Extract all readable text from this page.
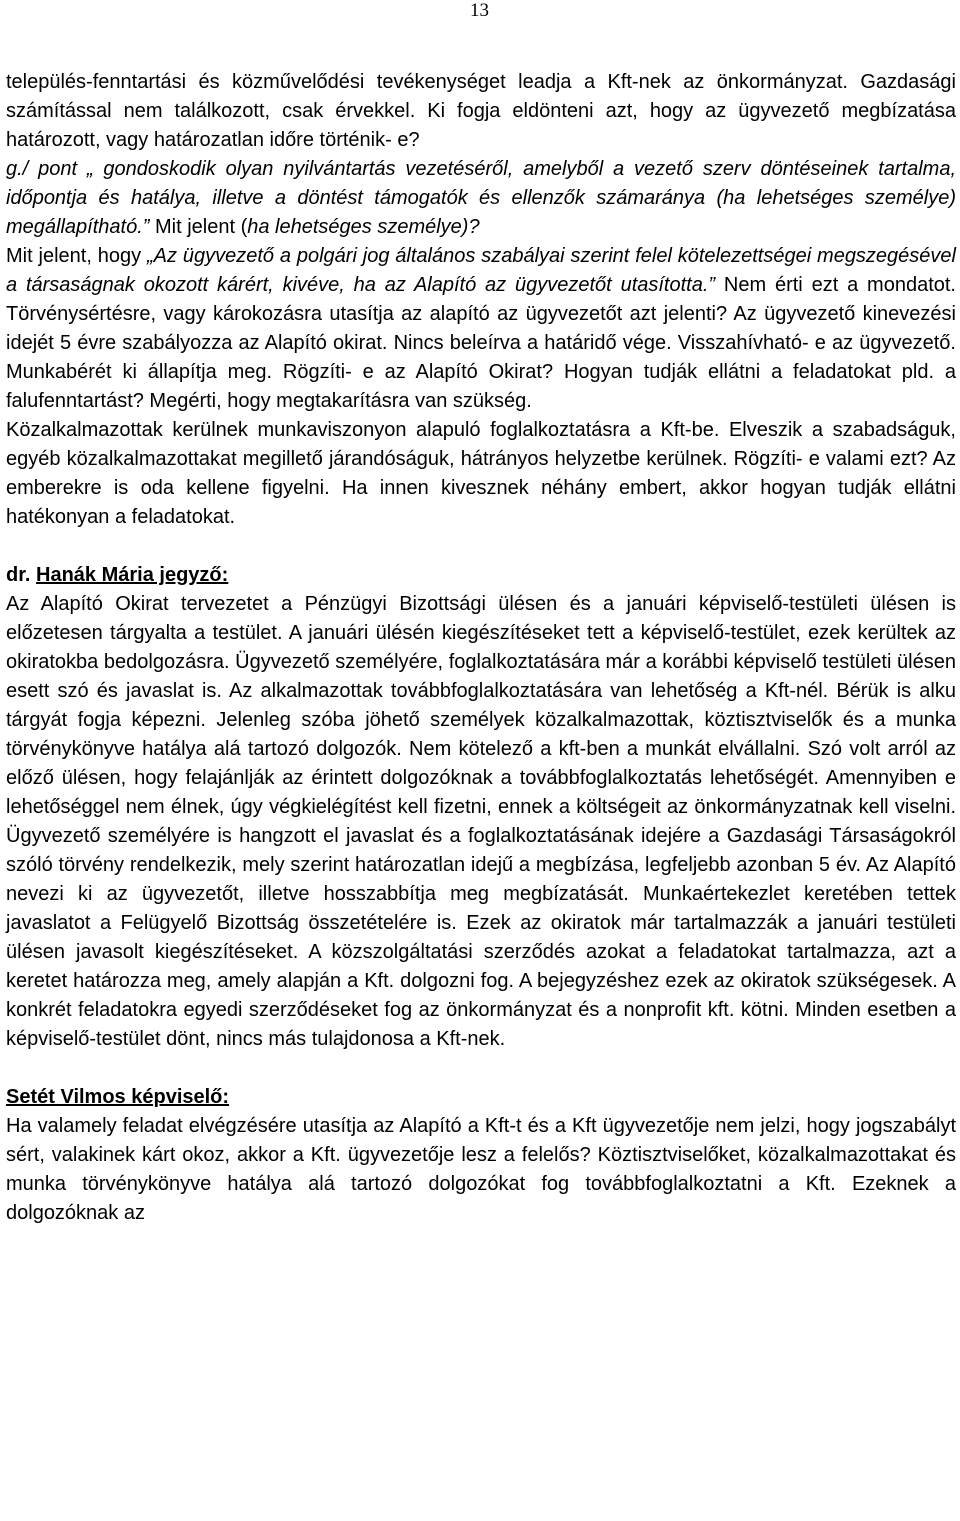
13

település-fenntartási és közművelődési tevékenységet leadja a Kft-nek az önkormányzat. Gazdasági számítással nem találkozott, csak érvekkel. Ki fogja eldönteni azt, hogy az ügyvezető megbízatása határozott, vagy határozatlan időre történik- e?

g./ pont „ gondoskodik olyan nyilvántartás vezetéséről, amelyből a vezető szerv döntéseinek tartalma, időpontja és hatálya, illetve a döntést támogatók és ellenzők számaránya (ha lehetséges személye) megállapítható.” Mit jelent (ha lehetséges személye)?

Mit jelent, hogy „Az ügyvezető a polgári jog általános szabályai szerint felel kötelezettségei megszegésével a társaságnak okozott kárért, kivéve, ha az Alapító az ügyvezetőt utasította.” Nem érti ezt a mondatot. Törvénysértésre, vagy károkozásra utasítja az alapító az ügyvezetőt azt jelenti? Az ügyvezető kinevezési idejét 5 évre szabályozza az Alapító okirat. Nincs beleírva a határidő vége. Visszahívható- e az ügyvezető. Munkabérét ki állapítja meg. Rögzíti- e az Alapító Okirat? Hogyan tudják ellátni a feladatokat pld. a falufenntartást? Megérti, hogy megtakarításra van szükség.

Közalkalmazottak kerülnek munkaviszonyon alapuló foglalkoztatásra a Kft-be. Elveszik a szabadságuk, egyéb közalkalmazottakat megillető járandóságuk, hátrányos helyzetbe kerülnek. Rögzíti- e valami ezt? Az emberekre is oda kellene figyelni. Ha innen kivesznek néhány embert, akkor hogyan tudják ellátni hatékonyan a feladatokat.

dr. Hanák Mária jegyző:

Az Alapító Okirat tervezetet a Pénzügyi Bizottsági ülésen és a januári képviselő-testületi ülésen is előzetesen tárgyalta a testület. A januári ülésén kiegészítéseket tett a képviselő-testület, ezek kerültek az okiratokba bedolgozásra. Ügyvezető személyére, foglalkoztatására már a korábbi képviselő testületi ülésen esett szó és javaslat is. Az alkalmazottak továbbfoglalkoztatására van lehetőség a Kft-nél. Bérük is alku tárgyát fogja képezni. Jelenleg szóba jöhető személyek közalkalmazottak, köztisztviselők és a munka törvénykönyve hatálya alá tartozó dolgozók. Nem kötelező a kft-ben a munkát elvállalni. Szó volt arról az előző ülésen, hogy felajánlják az érintett dolgozóknak a továbbfoglalkoztatás lehetőségét. Amennyiben e lehetőséggel nem élnek, úgy végkielégítést kell fizetni, ennek a költségeit az önkormányzatnak kell viselni. Ügyvezető személyére is hangzott el javaslat és a foglalkoztatásának idejére a Gazdasági Társaságokról szóló törvény rendelkezik, mely szerint határozatlan idejű a megbízása, legfeljebb azonban 5 év. Az Alapító nevezi ki az ügyvezetőt, illetve hosszabbítja meg megbízatását. Munkaértekezlet keretében tettek javaslatot a Felügyelő Bizottság összetételére is. Ezek az okiratok már tartalmazzák a januári testületi ülésen javasolt kiegészítéseket. A közszolgáltatási szerződés azokat a feladatokat tartalmazza, azt a keretet határozza meg, amely alapján a Kft. dolgozni fog. A bejegyzéshez ezek az okiratok szükségesek. A konkrét feladatokra egyedi szerződéseket fog az önkormányzat és a nonprofit kft. kötni. Minden esetben a képviselő-testület dönt, nincs más tulajdonosa a Kft-nek.

Setét Vilmos képviselő:

Ha valamely feladat elvégzésére utasítja az Alapító a Kft-t és a Kft ügyvezetője nem jelzi, hogy jogszabályt sért, valakinek kárt okoz, akkor a Kft. ügyvezetője lesz a felelős? Köztisztviselőket, közalkalmazottakat és munka törvénykönyve hatálya alá tartozó dolgozókat fog továbbfoglalkoztatni a Kft. Ezeknek a dolgozóknak az
